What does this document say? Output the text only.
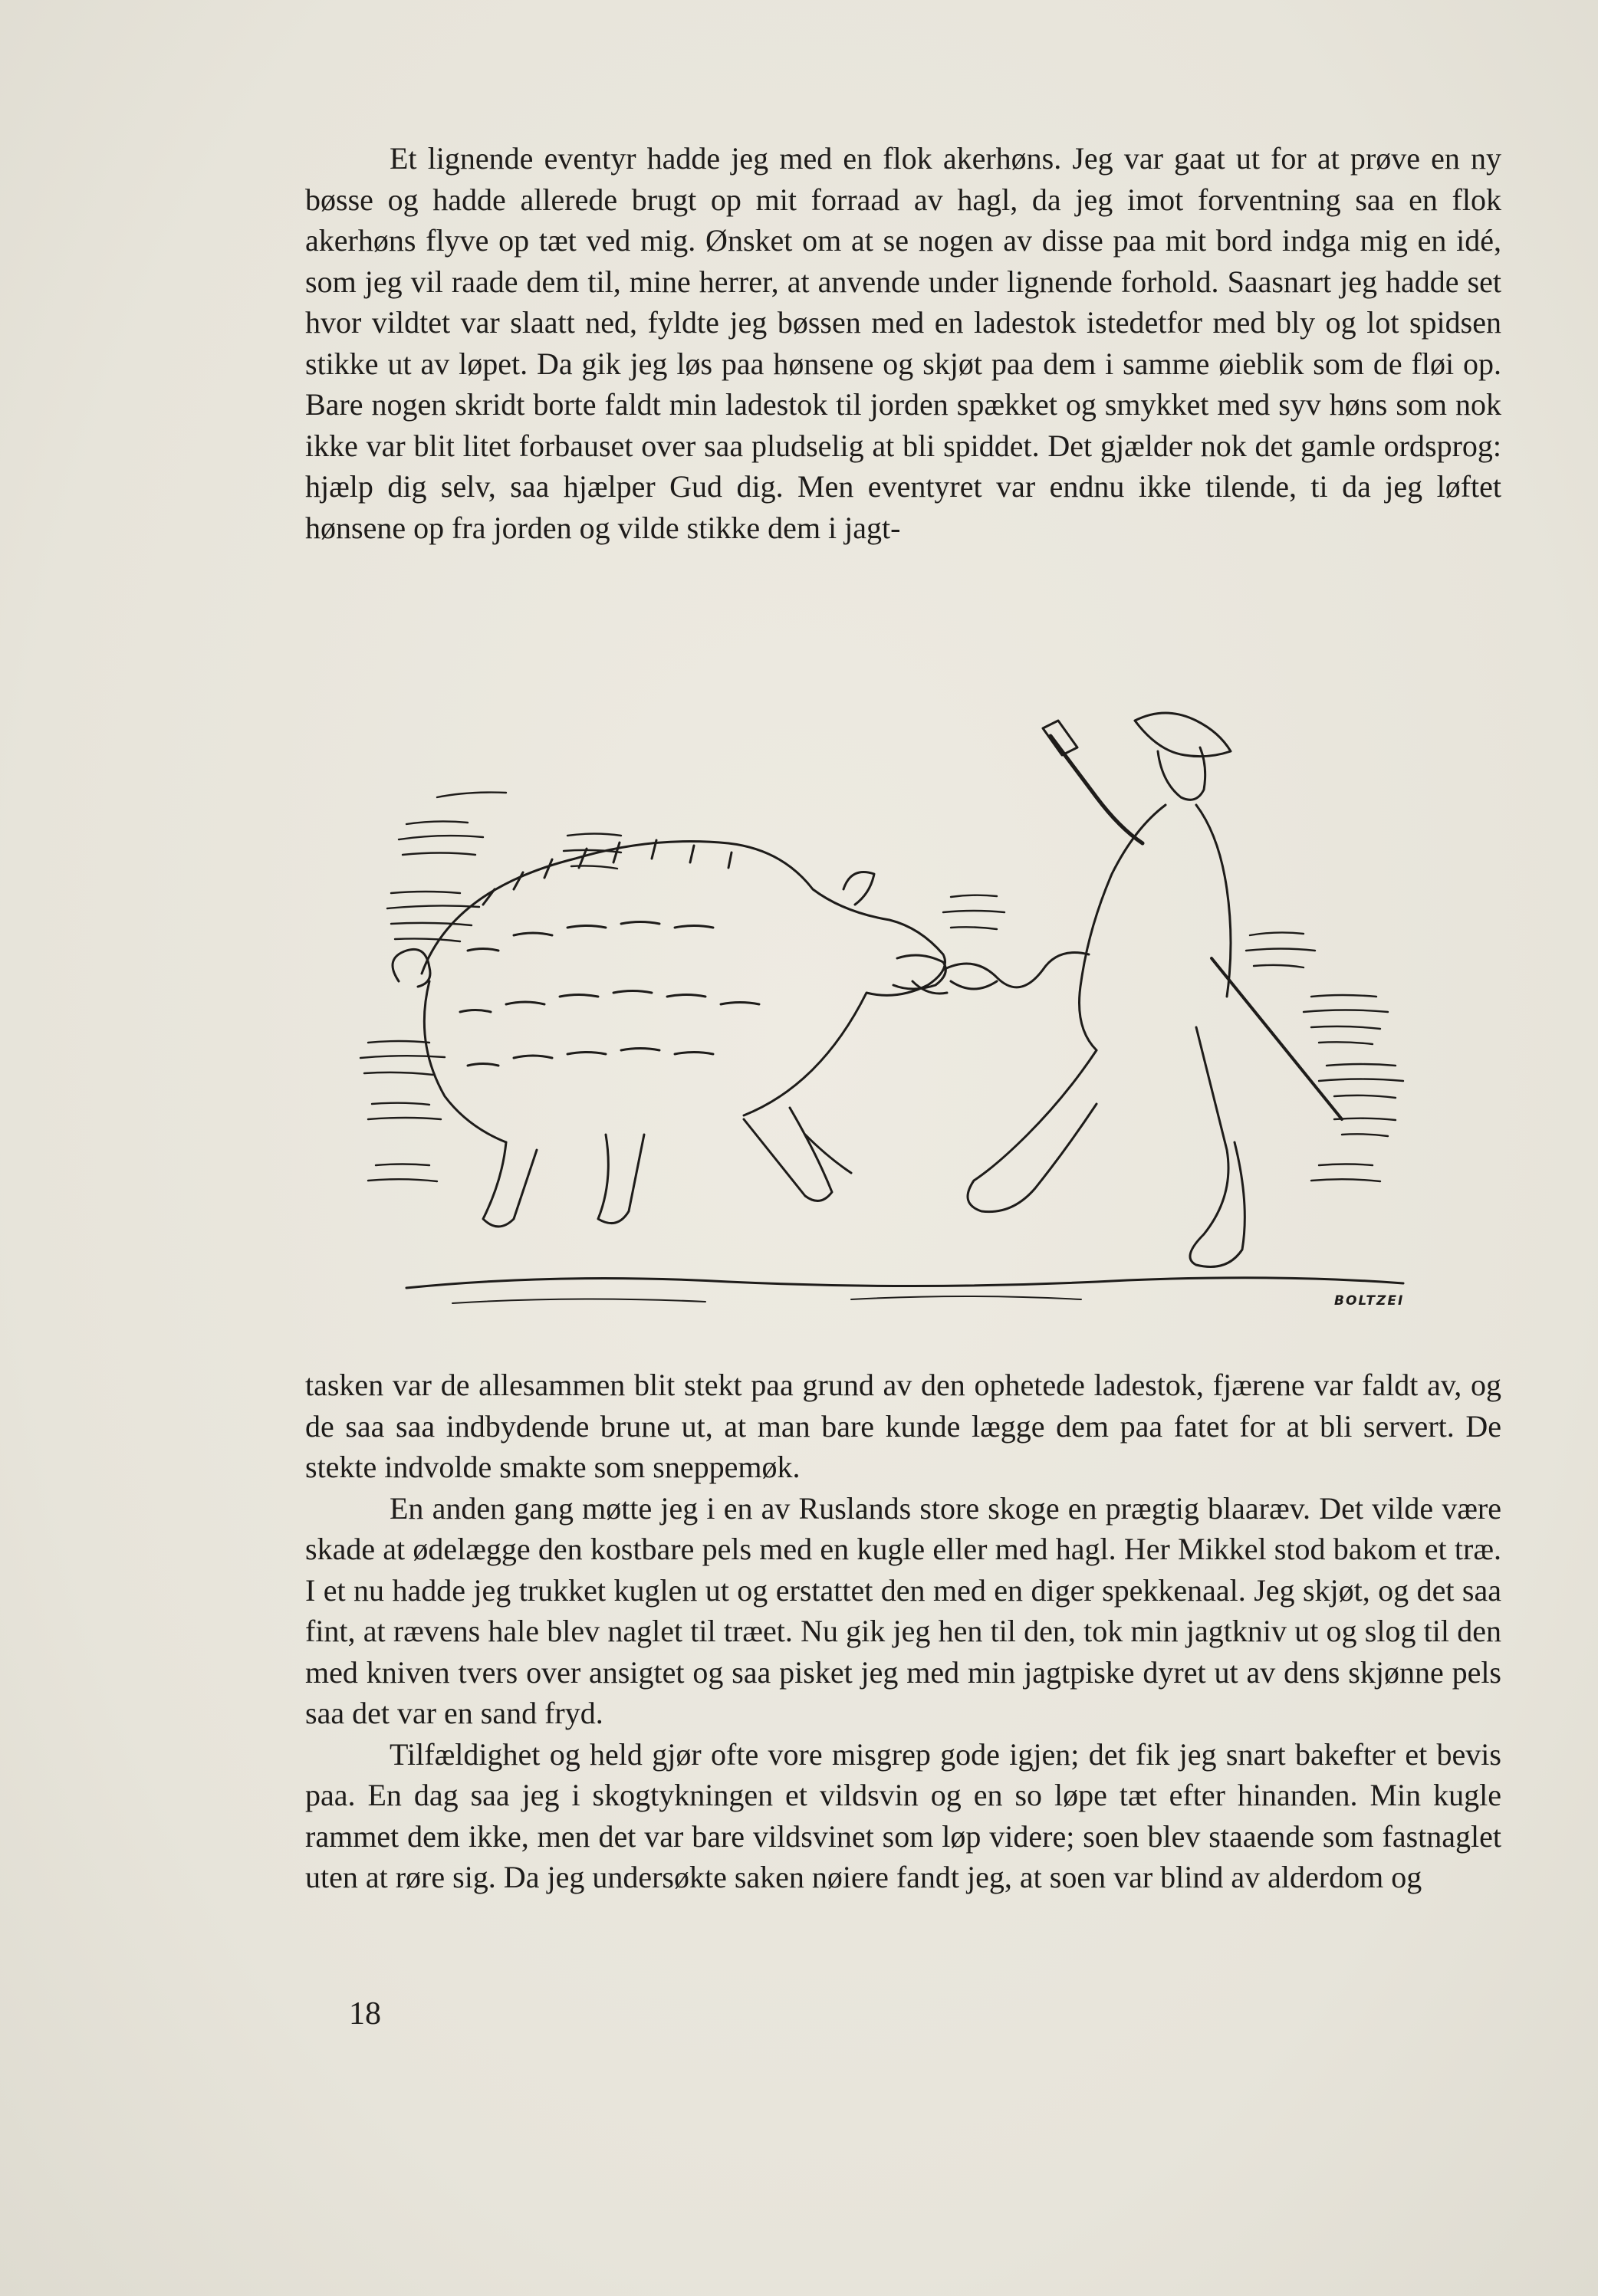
Et lignende eventyr hadde jeg med en flok akerhøns. Jeg var gaat ut for at prøve en ny bøsse og hadde allerede brugt op mit forraad av hagl, da jeg imot forventning saa en flok akerhøns flyve op tæt ved mig. Ønsket om at se nogen av disse paa mit bord indga mig en idé, som jeg vil raade dem til, mine herrer, at anvende under lignende forhold. Saasnart jeg hadde set hvor vildtet var slaatt ned, fyldte jeg bøssen med en ladestok istedetfor med bly og lot spidsen stikke ut av løpet. Da gik jeg løs paa hønsene og skjøt paa dem i samme øieblik som de fløi op. Bare nogen skridt borte faldt min ladestok til jorden spækket og smykket med syv høns som nok ikke var blit litet forbauset over saa pludselig at bli spiddet. Det gjælder nok det gamle ordsprog: hjælp dig selv, saa hjælper Gud dig. Men eventyret var endnu ikke tilende, ti da jeg løftet hønsene op fra jorden og vilde stikke dem i jagt-

BOLTZEI

tasken var de allesammen blit stekt paa grund av den ophetede ladestok, fjærene var faldt av, og de saa saa indbydende brune ut, at man bare kunde lægge dem paa fatet for at bli servert. De stekte indvolde smakte som sneppemøk.

En anden gang møtte jeg i en av Ruslands store skoge en prægtig blaaræv. Det vilde være skade at ødelægge den kostbare pels med en kugle eller med hagl. Her Mikkel stod bakom et træ. I et nu hadde jeg trukket kuglen ut og erstattet den med en diger spekkenaal. Jeg skjøt, og det saa fint, at rævens hale blev naglet til træet. Nu gik jeg hen til den, tok min jagtkniv ut og slog til den med kniven tvers over ansigtet og saa pisket jeg med min jagtpiske dyret ut av dens skjønne pels saa det var en sand fryd.

Tilfældighet og held gjør ofte vore misgrep gode igjen; det fik jeg snart bakefter et bevis paa. En dag saa jeg i skogtykningen et vildsvin og en so løpe tæt efter hinanden. Min kugle rammet dem ikke, men det var bare vildsvinet som løp videre; soen blev staaende som fastnaglet uten at røre sig. Da jeg undersøkte saken nøiere fandt jeg, at soen var blind av alderdom og

18
